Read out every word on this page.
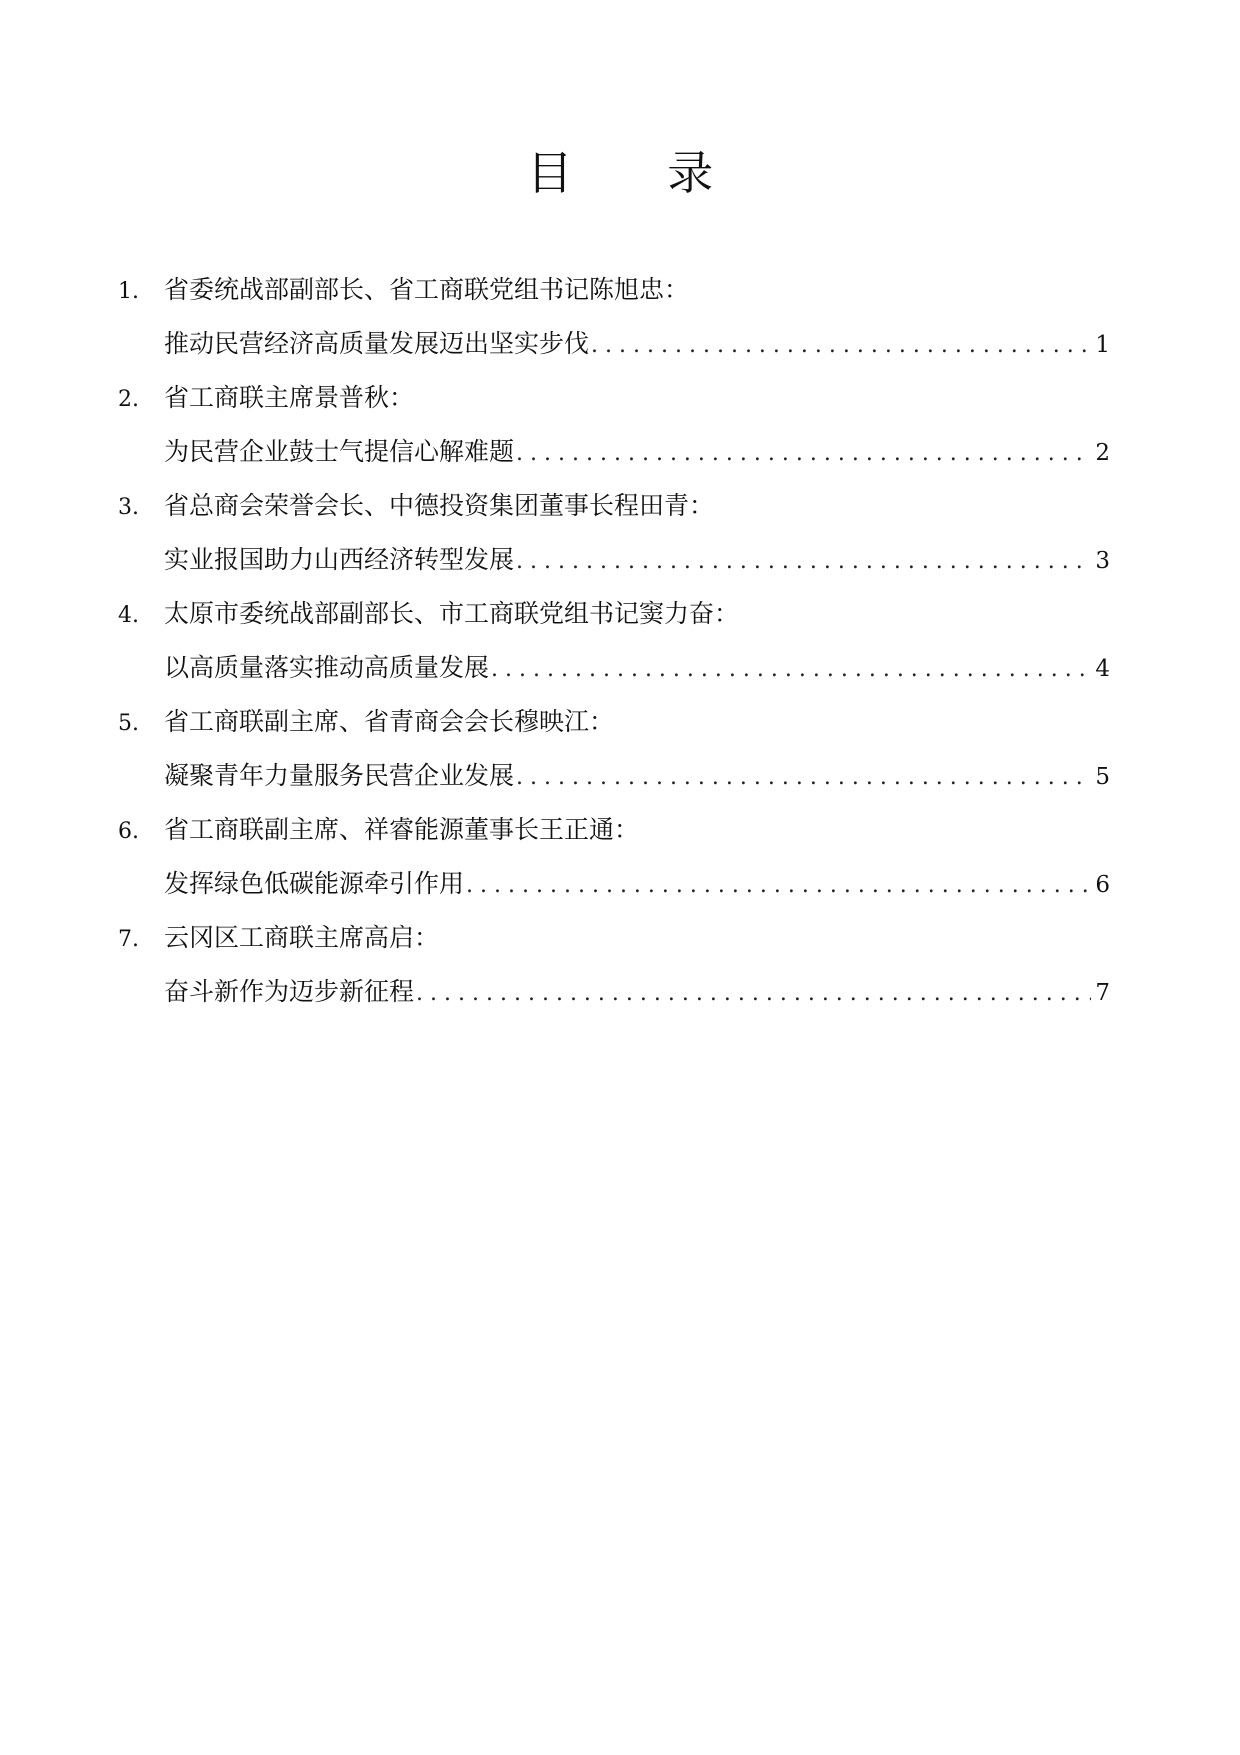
目 录
1.	省委统战部副部长、省工商联党组书记陈旭忠：
推动民营经济高质量发展迈出坚实步伐 .....	1
2.	省工商联主席景普秋：
为民营企业鼓士气提信心解难题 .....	2
3.	省总商会荣誉会长、中德投资集团董事长程田青：
实业报国助力山西经济转型发展 .....	3
4.	太原市委统战部副部长、市工商联党组书记窦力奋：
以高质量落实推动高质量发展 .....	4
5.	省工商联副主席、省青商会会长穆映江：
凝聚青年力量服务民营企业发展 .....	5
6.	省工商联副主席、祥睿能源董事长王正通：
发挥绿色低碳能源牵引作用 .....	6
7.	云冈区工商联主席高启：
奋斗新作为迈步新征程 .....	7
